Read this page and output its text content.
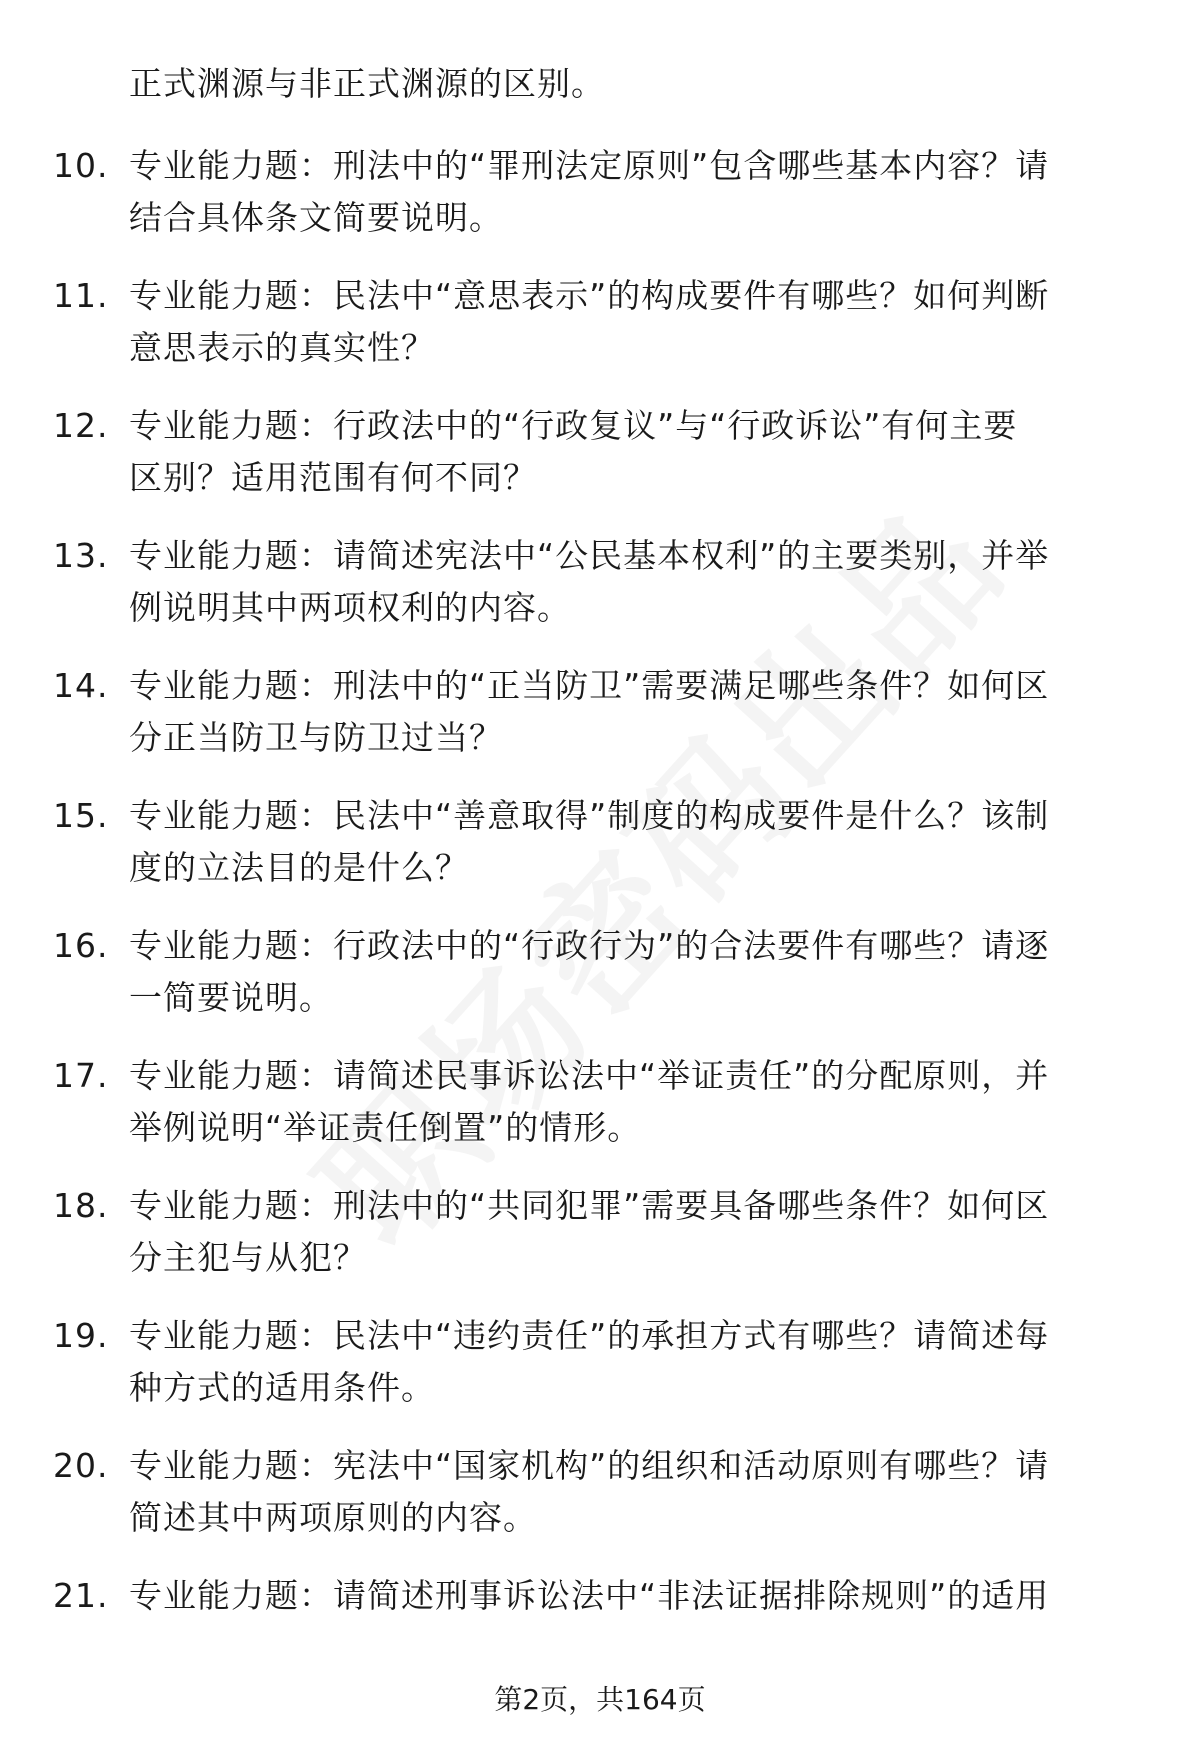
正式渊源与非正式渊源的区别。
10. 专业能力题：刑法中的“罪刑法定原则”包含哪些基本内容？请
结合具体条文简要说明。
11. 专业能力题：民法中“意思表示”的构成要件有哪些？如何判断
意思表示的真实性？
12. 专业能力题：行政法中的“行政复议”与“行政诉讼”有何主要
区别？适用范围有何不同？
13. 专业能力题：请简述宪法中“公民基本权利”的主要类别，并举
例说明其中两项权利的内容。
14. 专业能力题：刑法中的“正当防卫”需要满足哪些条件？如何区
分正当防卫与防卫过当？
15. 专业能力题：民法中“善意取得”制度的构成要件是什么？该制
度的立法目的是什么？
16. 专业能力题：行政法中的“行政行为”的合法要件有哪些？请逐
一简要说明。
17. 专业能力题：请简述民事诉讼法中“举证责任”的分配原则，并
举例说明“举证责任倒置”的情形。
18. 专业能力题：刑法中的“共同犯罪”需要具备哪些条件？如何区
分主犯与从犯？
19. 专业能力题：民法中“违约责任”的承担方式有哪些？请简述每
种方式的适用条件。
20. 专业能力题：宪法中“国家机构”的组织和活动原则有哪些？请
简述其中两项原则的内容。
21. 专业能力题：请简述刑事诉讼法中“非法证据排除规则”的适用
第2页，共164页
